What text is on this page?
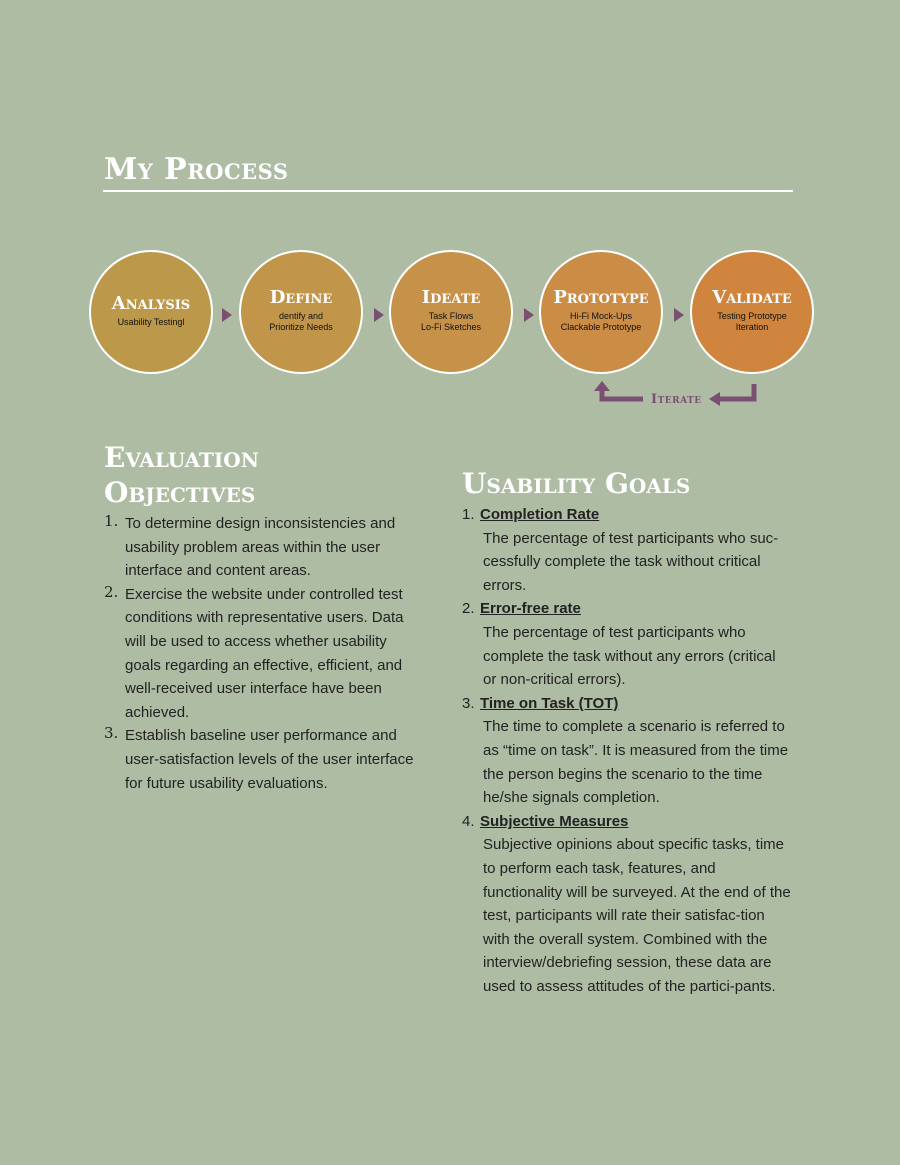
My Process
Analysis
Usability Testingl
Define
dentify and
Prioritize Needs
Ideate
Task Flows
Lo-Fi Sketches
Prototype
Hi-Fi Mock-Ups
Clackable Prototype
Validate
Testing Prototype
Iteration
Iterate
Evaluation
Objectives
1. To determine design inconsistencies and usability problem areas within the user interface and content areas.
2. Exercise the website under controlled test conditions with representative users. Data will be used to access whether usability goals regarding an effective, efficient, and well-received user interface have been achieved.
3. Establish baseline user performance and user-satisfaction levels of the user interface for future usability evaluations.
Usability Goals
1. Completion Rate
The percentage of test participants who suc-cessfully complete the task without critical errors.
2. Error-free rate
The percentage of test participants who complete the task without any errors (critical or non-critical errors).
3. Time on Task (TOT)
The time to complete a scenario is referred to as “time on task”. It is measured from the time the person begins the scenario to the time he/she signals completion.
4. Subjective Measures
Subjective opinions about specific tasks, time to perform each task, features, and functionality will be surveyed. At the end of the test, participants will rate their satisfac-tion with the overall system. Combined with the interview/debriefing session, these data are used to assess attitudes of the partici-pants.
